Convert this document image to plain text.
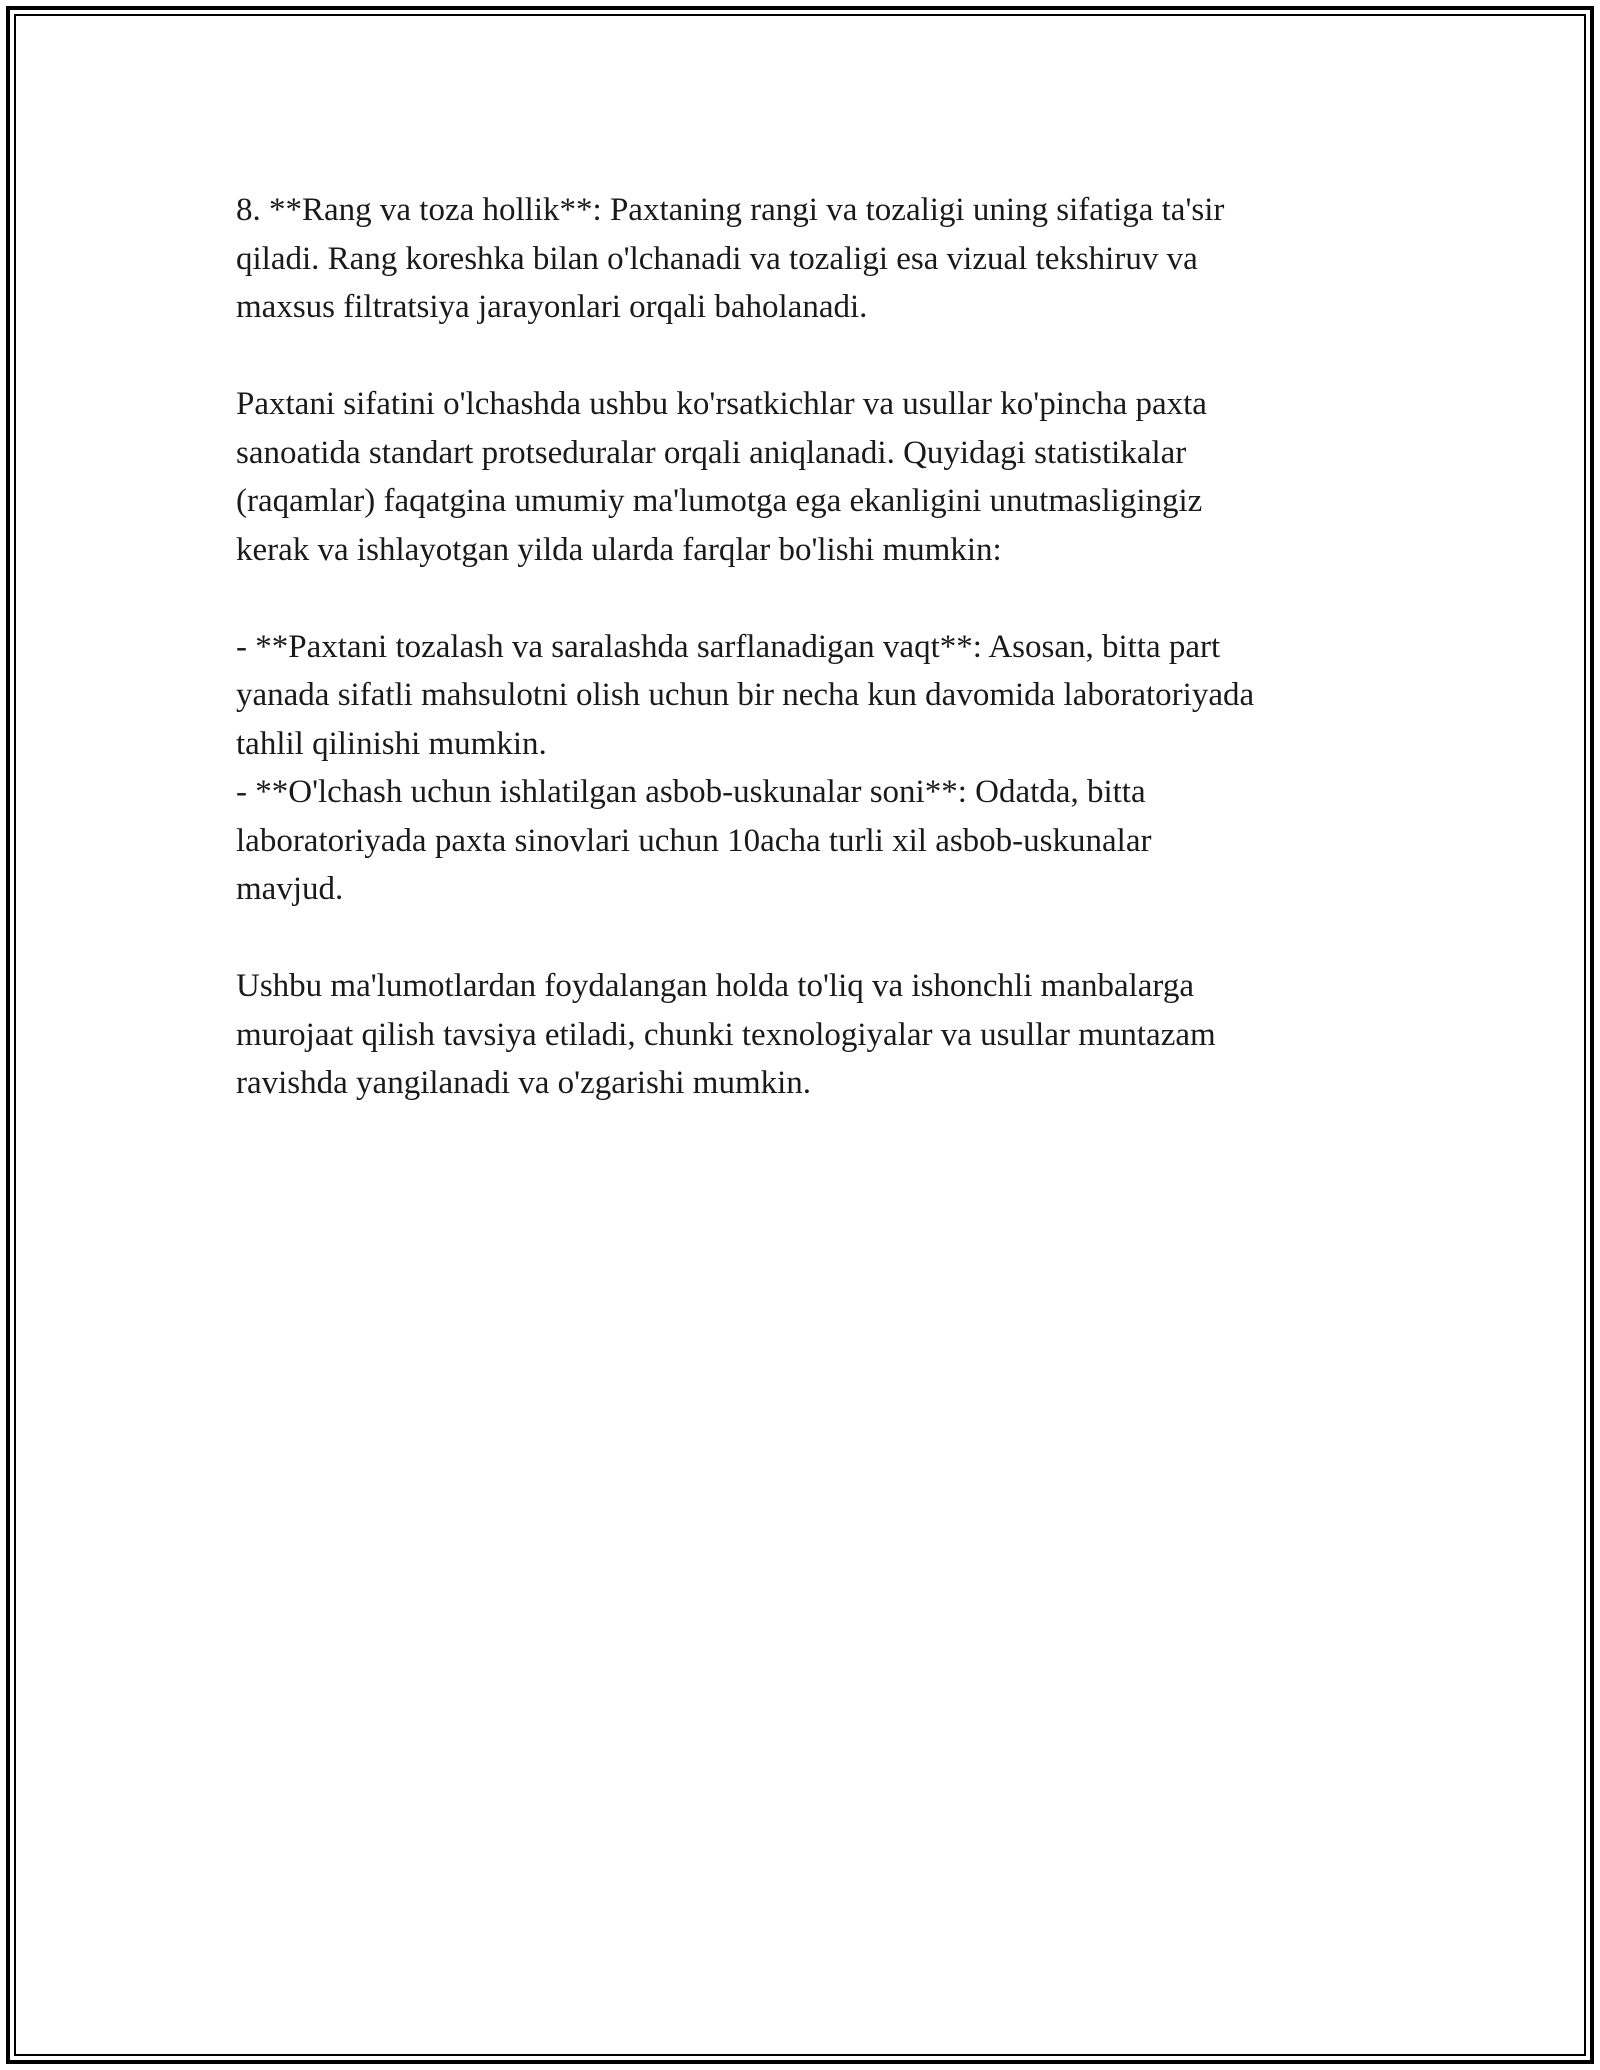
8. **Rang va toza hollik**: Paxtaning rangi va tozaligi uning sifatiga ta'sir
qiladi. Rang koreshka bilan o'lchanadi va tozaligi esa vizual tekshiruv va
maxsus filtratsiya jarayonlari orqali baholanadi.

Paxtani sifatini o'lchashda ushbu ko'rsatkichlar va usullar ko'pincha paxta
sanoatida standart protseduralar orqali aniqlanadi. Quyidagi statistikalar
(raqamlar) faqatgina umumiy ma'lumotga ega ekanligini unutmasligingiz
kerak va ishlayotgan yilda ularda farqlar bo'lishi mumkin:

- **Paxtani tozalash va saralashda sarflanadigan vaqt**: Asosan, bitta part
yanada sifatli mahsulotni olish uchun bir necha kun davomida laboratoriyada
tahlil qilinishi mumkin.

- **O'lchash uchun ishlatilgan asbob-uskunalar soni**: Odatda, bitta
laboratoriyada paxta sinovlari uchun 10acha turli xil asbob-uskunalar
mavjud.

Ushbu ma'lumotlardan foydalangan holda to'liq va ishonchli manbalarga
murojaat qilish tavsiya etiladi, chunki texnologiyalar va usullar muntazam
ravishda yangilanadi va o'zgarishi mumkin.
